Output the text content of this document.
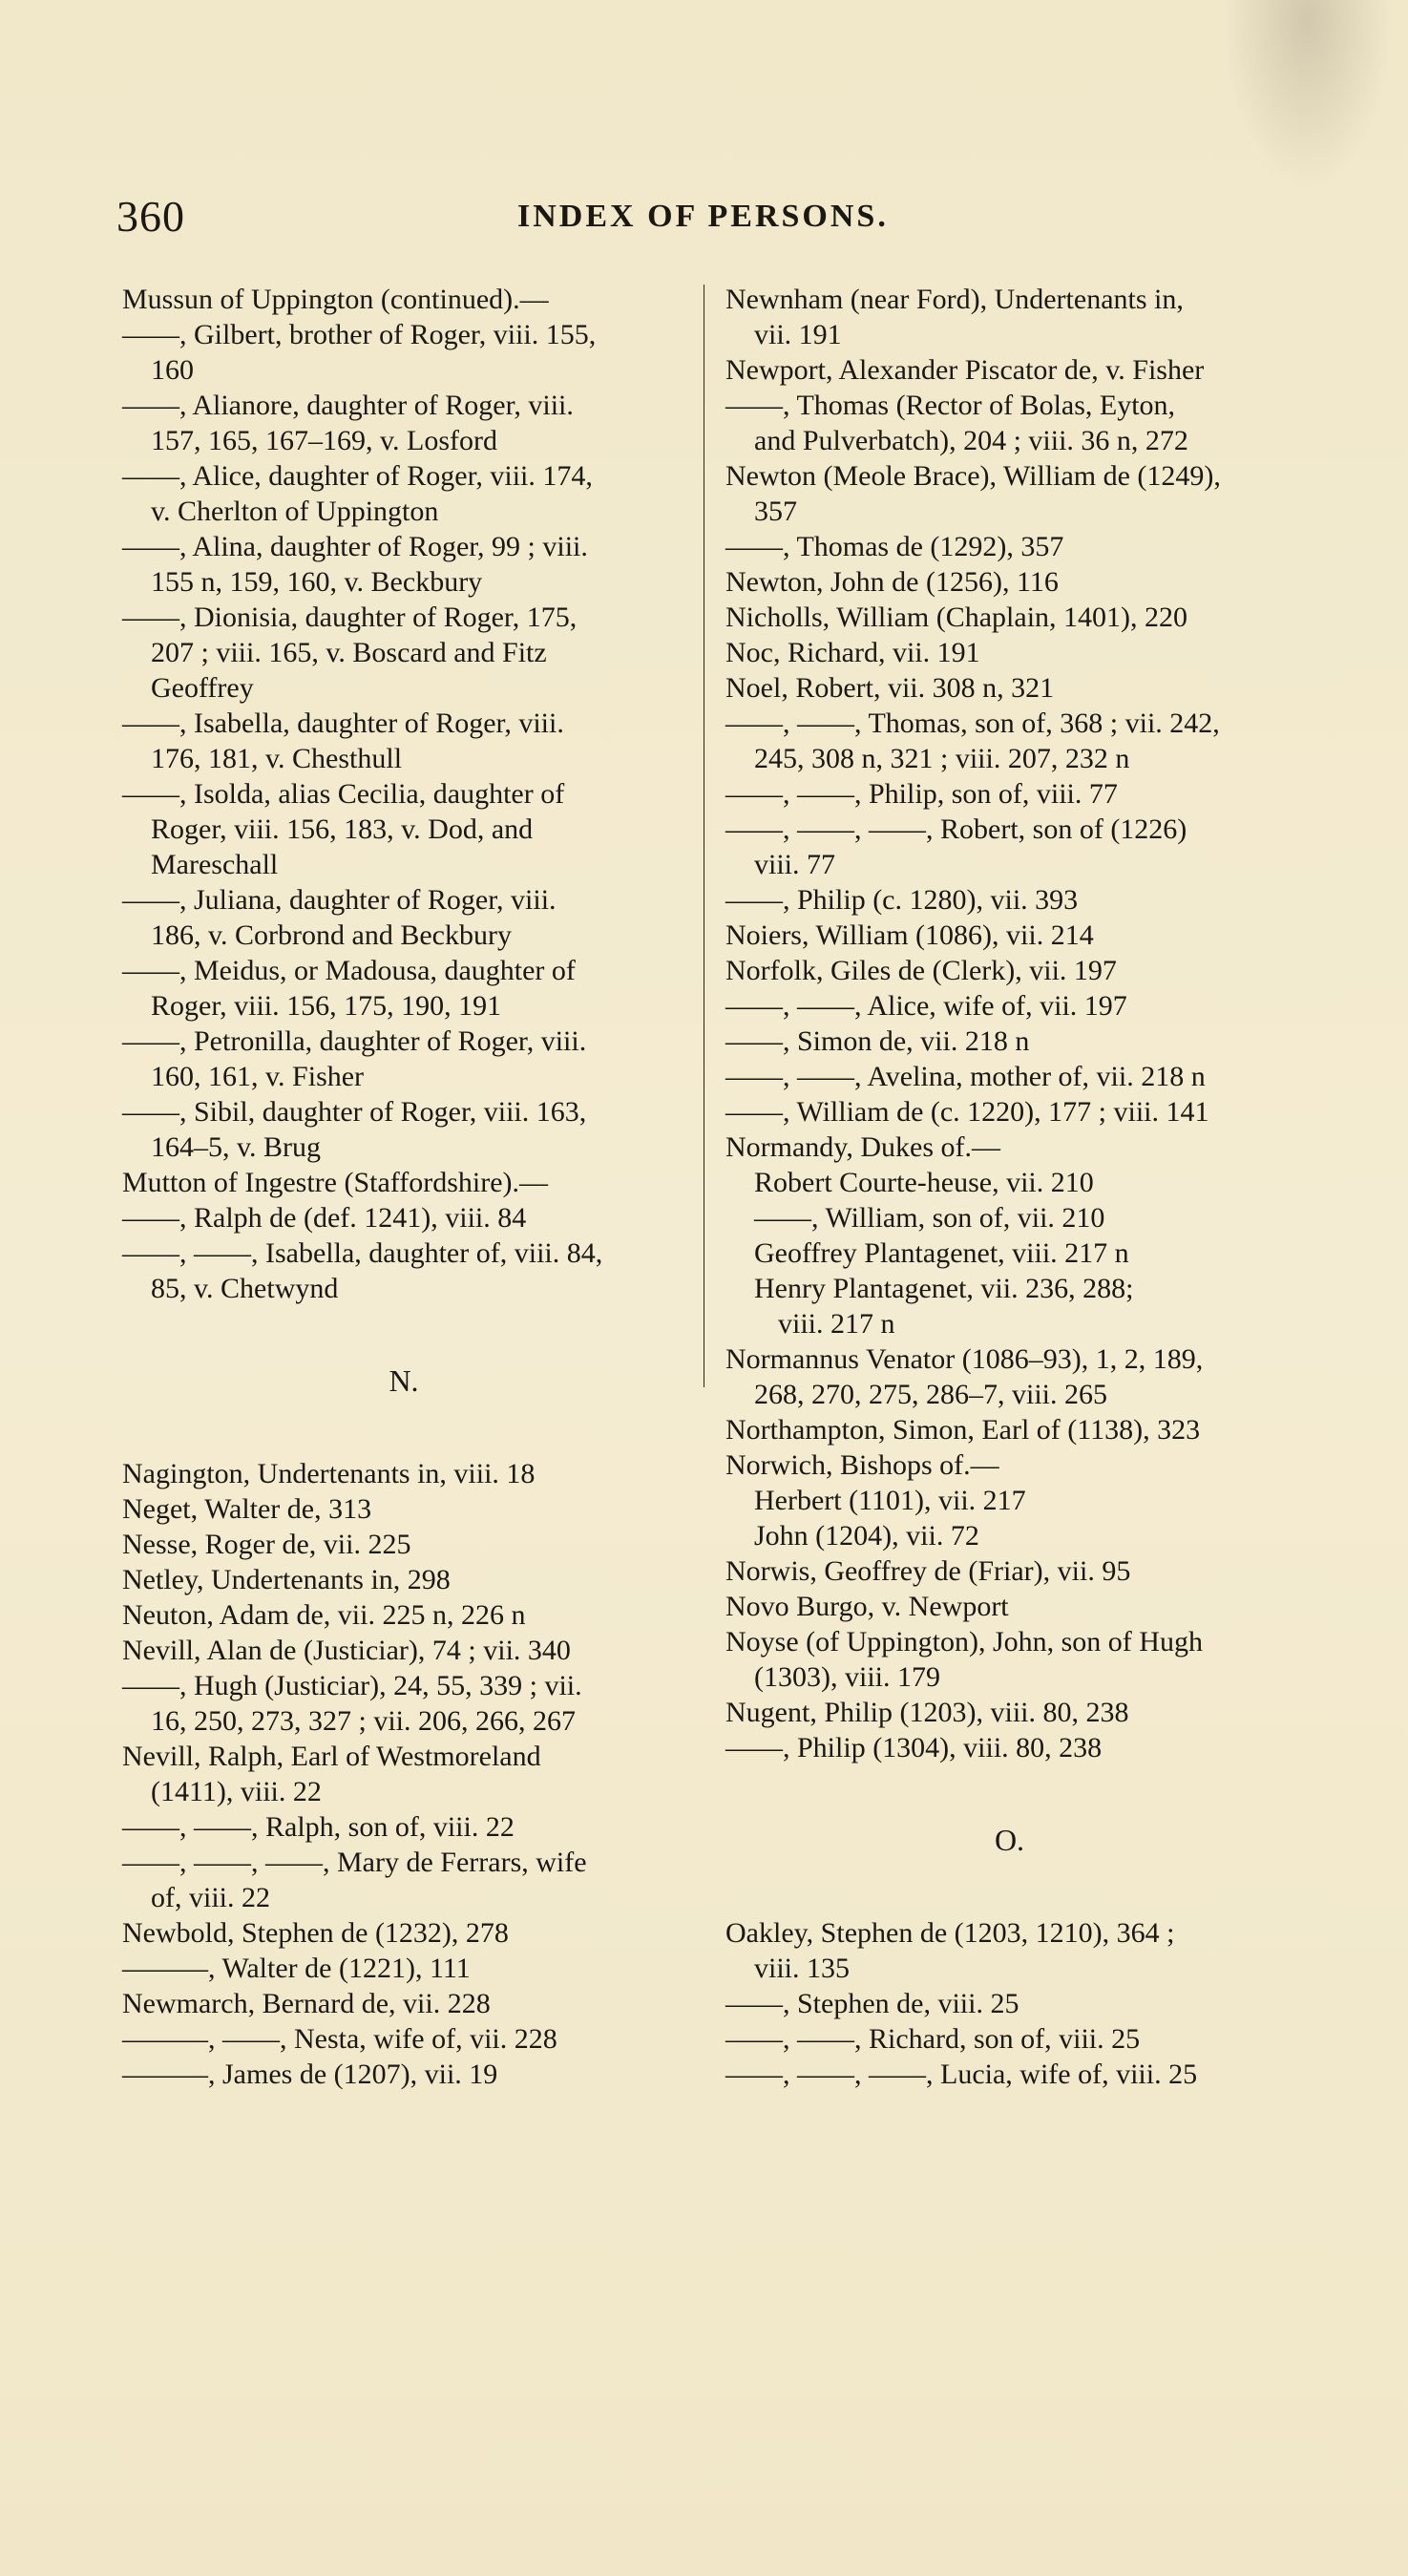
360	INDEX OF PERSONS.
Mussun of Uppington (continued).—
——, Gilbert, brother of Roger, viii. 155,
160
——, Alianore, daughter of Roger, viii.
157, 165, 167–169, v. Losford
——, Alice, daughter of Roger, viii. 174,
v. Cherlton of Uppington
——, Alina, daughter of Roger, 99 ; viii.
155 n, 159, 160, v. Beckbury
——, Dionisia, daughter of Roger, 175,
207 ; viii. 165, v. Boscard and Fitz
Geoffrey
——, Isabella, daughter of Roger, viii.
176, 181, v. Chesthull
——, Isolda, alias Cecilia, daughter of
Roger, viii. 156, 183, v. Dod, and
Mareschall
——, Juliana, daughter of Roger, viii.
186, v. Corbrond and Beckbury
——, Meidus, or Madousa, daughter of
Roger, viii. 156, 175, 190, 191
——, Petronilla, daughter of Roger, viii.
160, 161, v. Fisher
——, Sibil, daughter of Roger, viii. 163,
164–5, v. Brug
Mutton of Ingestre (Staffordshire).—
——, Ralph de (def. 1241), viii. 84
——, ——, Isabella, daughter of, viii. 84,
85, v. Chetwynd
N.
Nagington, Undertenants in, viii. 18
Neget, Walter de, 313
Nesse, Roger de, vii. 225
Netley, Undertenants in, 298
Neuton, Adam de, vii. 225 n, 226 n
Nevill, Alan de (Justiciar), 74 ; vii. 340
——, Hugh (Justiciar), 24, 55, 339 ; vii.
16, 250, 273, 327 ; vii. 206, 266, 267
Nevill, Ralph, Earl of Westmoreland
(1411), viii. 22
——, ——, Ralph, son of, viii. 22
——, ——, ——, Mary de Ferrars, wife
of, viii. 22
Newbold, Stephen de (1232), 278
———, Walter de (1221), 111
Newmarch, Bernard de, vii. 228
———, ——, Nesta, wife of, vii. 228
———, James de (1207), vii. 19
Newnham (near Ford), Undertenants in,
vii. 191
Newport, Alexander Piscator de, v. Fisher
——, Thomas (Rector of Bolas, Eyton,
and Pulverbatch), 204 ; viii. 36 n, 272
Newton (Meole Brace), William de (1249),
357
——, Thomas de (1292), 357
Newton, John de (1256), 116
Nicholls, William (Chaplain, 1401), 220
Noc, Richard, vii. 191
Noel, Robert, vii. 308 n, 321
——, ——, Thomas, son of, 368 ; vii. 242,
245, 308 n, 321 ; viii. 207, 232 n
——, ——, Philip, son of, viii. 77
——, ——, ——, Robert, son of (1226)
viii. 77
——, Philip (c. 1280), vii. 393
Noiers, William (1086), vii. 214
Norfolk, Giles de (Clerk), vii. 197
——, ——, Alice, wife of, vii. 197
——, Simon de, vii. 218 n
——, ——, Avelina, mother of, vii. 218 n
——, William de (c. 1220), 177 ; viii. 141
Normandy, Dukes of.—
Robert Courte-heuse, vii. 210
——, William, son of, vii. 210
Geoffrey Plantagenet, viii. 217 n
Henry Plantagenet, vii. 236, 288;
viii. 217 n
Normannus Venator (1086–93), 1, 2, 189,
268, 270, 275, 286–7, viii. 265
Northampton, Simon, Earl of (1138), 323
Norwich, Bishops of.—
Herbert (1101), vii. 217
John (1204), vii. 72
Norwis, Geoffrey de (Friar), vii. 95
Novo Burgo, v. Newport
Noyse (of Uppington), John, son of Hugh
(1303), viii. 179
Nugent, Philip (1203), viii. 80, 238
——, Philip (1304), viii. 80, 238
O.
Oakley, Stephen de (1203, 1210), 364 ;
viii. 135
——, Stephen de, viii. 25
——, ——, Richard, son of, viii. 25
——, ——, ——, Lucia, wife of, viii. 25
